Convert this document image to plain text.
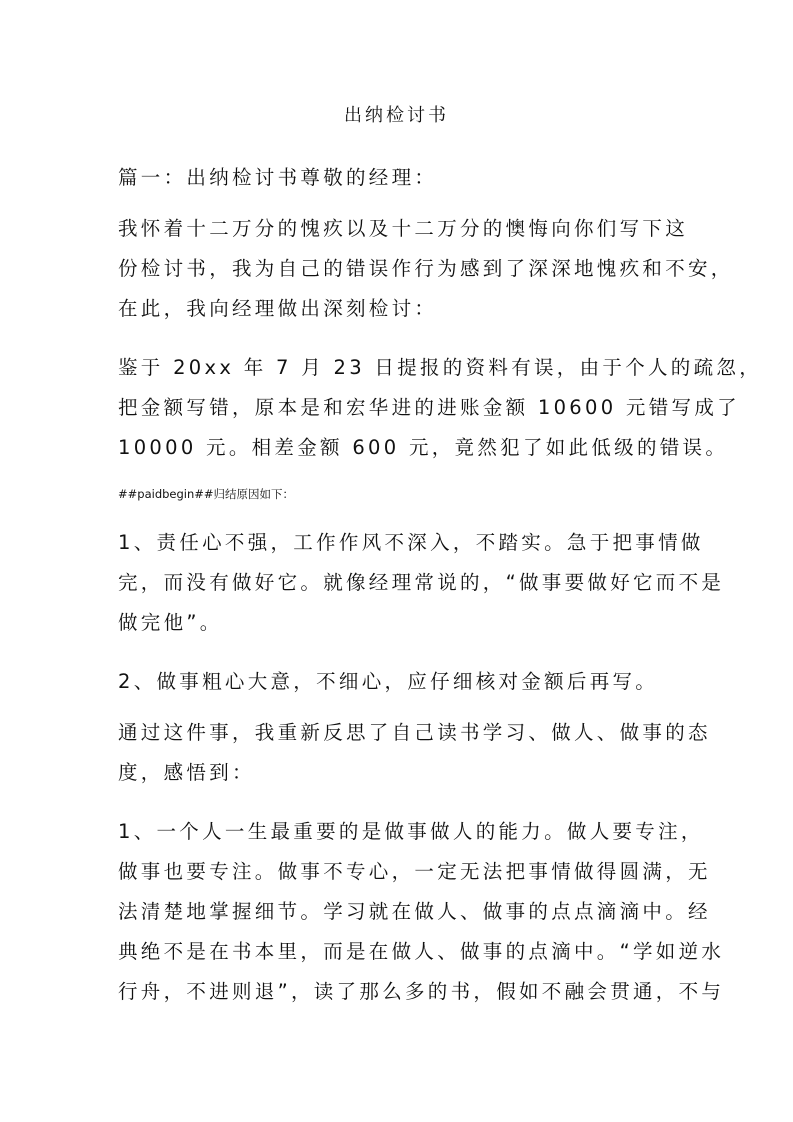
出纳检讨书

篇一：出纳检讨书尊敬的经理：

我怀着十二万分的愧疚以及十二万分的懊悔向你们写下这
份检讨书，我为自己的错误作行为感到了深深地愧疚和不安，
在此，我向经理做出深刻检讨：

鉴于 20xx 年 7 月 23 日提报的资料有误，由于个人的疏忽，
把金额写错，原本是和宏华进的进账金额 10600 元错写成了
10000 元。相差金额 600 元，竟然犯了如此低级的错误。

##paidbegin##归结原因如下：

1、责任心不强，工作作风不深入，不踏实。急于把事情做
完，而没有做好它。就像经理常说的，“做事要做好它而不是
做完他”。

2、做事粗心大意，不细心，应仔细核对金额后再写。

通过这件事，我重新反思了自己读书学习、做人、做事的态
度，感悟到：

1、一个人一生最重要的是做事做人的能力。做人要专注，
做事也要专注。做事不专心，一定无法把事情做得圆满，无
法清楚地掌握细节。学习就在做人、做事的点点滴滴中。经
典绝不是在书本里，而是在做人、做事的点滴中。“学如逆水
行舟，不进则退”，读了那么多的书，假如不融会贯通，不与
